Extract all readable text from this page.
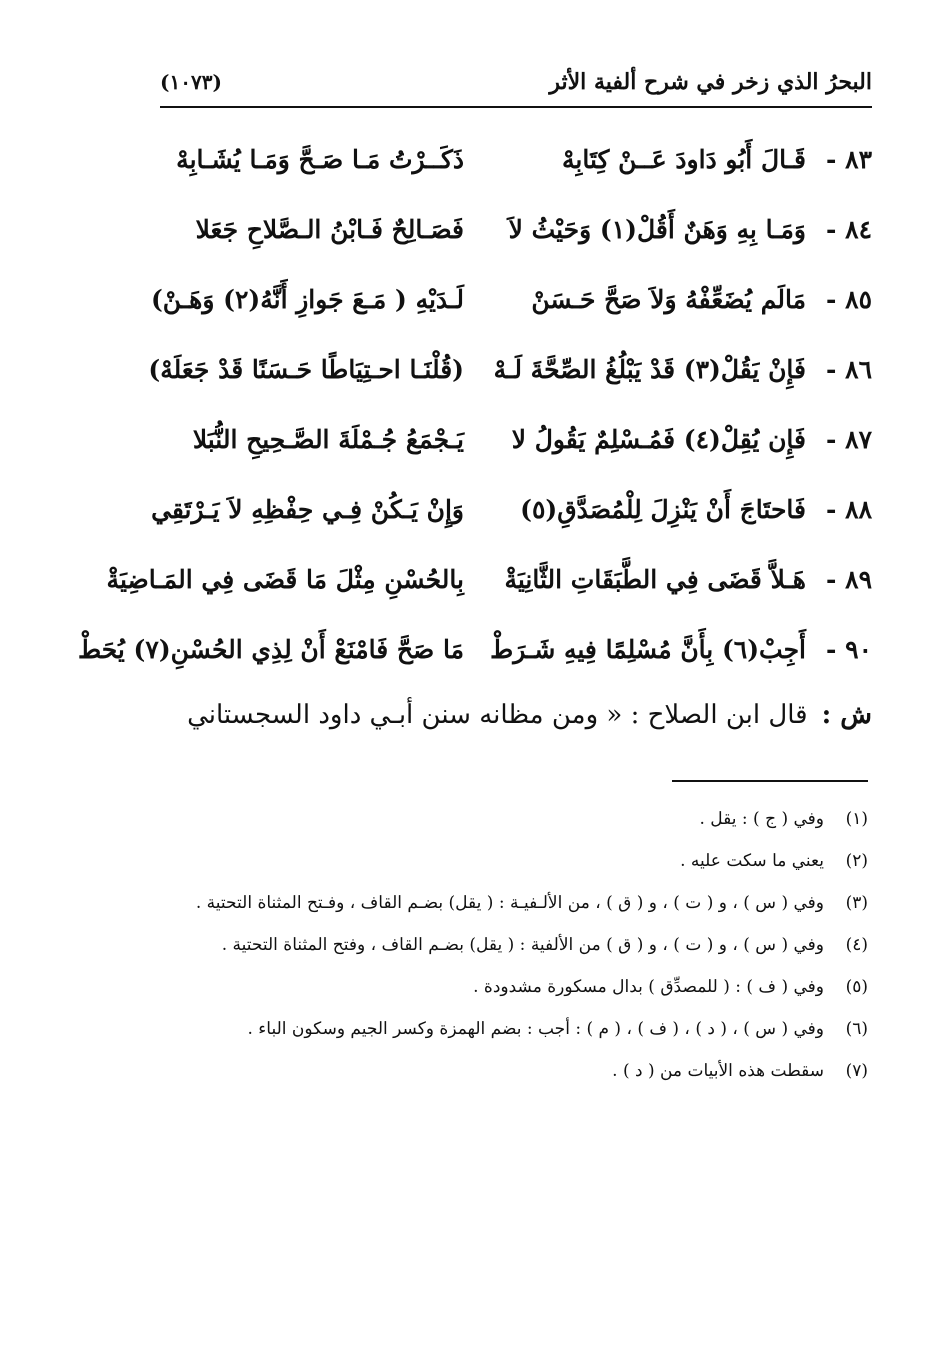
البحرُ الذي زخر في شرح ألفية الأثر
(١٠٧٣)
٨٣ -
قَـالَ أَبُو دَاودَ عَــنْ كِتَابِهْ
ذَكَــرْتُ مَـا صَـحَّ وَمَـا يُشَـابِهْ
٨٤ -
وَمَـا بِهِ وَهَنٌ أَقُلْ(١) وَحَيْثُ لاَ
فَصَـالِحٌ فَـابْنُ الـصَّلاحِ جَعَلا
٨٥ -
مَالَم يُضَعِّفْهُ وَلاَ صَحَّ حَـسَنْ
لَـدَيْهِ ( مَـعَ جَوازِ أَنَّهُ(٢) وَهَـنْ)
٨٦ -
فَإِنْ يَقُلْ(٣) قَدْ يَبْلُغُ الصِّحَّةَ لَـهْ
(قُلْنَـا احـتِيَاطًا حَـسَنًا قَدْ جَعَلَهْ)
٨٧ -
فَإِن يُقِلْ(٤) فَمُـسْلِمٌ يَقُولُ لا
يَـجْمَعُ جُـمْلَةَ الصَّـحِيحِ النُّبَلا
٨٨ -
فَاحتَاجَ أَنْ يَنْزِلَ لِلْمُصَدَّقِ(٥)
وَإِنْ يَـكُنْ فِـي حِفْظِهِ لاَ يَـرْتَقِي
٨٩ -
هَـلاَّ قَضَى فِي الطَّبَقَاتِ الثَّانِيَةْ
بِالحُسْنِ مِثْلَ مَا قَضَى فِي المَـاضِيَةْ
٩٠ -
أَجِبْ(٦) بِأَنَّ مُسْلِمًا فِيهِ شَـرَطْ
مَا صَحَّ فَامْنَعْ أَنْ لِذِي الحُسْنِ(٧) يُحَطْ
ش :
قال ابن الصلاح : « ومن مظانه سنن أبـي داود السجستاني
(١)
وفي ( ج ) : يقل .
(٢)
يعني ما سكت عليه .
(٣)
وفي ( س ) ، و ( ت ) ، و ( ق ) ، من الألـفيـة : ( يقل) بضـم القاف ، وفـتح المثناة التحتية .
(٤)
وفي ( س ) ، و ( ت ) ، و ( ق ) من الألفية : ( يقل) بضـم القاف ، وفتح المثناة التحتية .
(٥)
وفي ( ف ) : ( للمصدِّق ) بدال مسكورة مشدودة .
(٦)
وفي ( س ) ، ( د ) ، ( ف ) ، ( م ) : أجب : بضم الهمزة وكسر الجيم وسكون الباء .
(٧)
سقطت هذه الأبيات من ( د ) .
